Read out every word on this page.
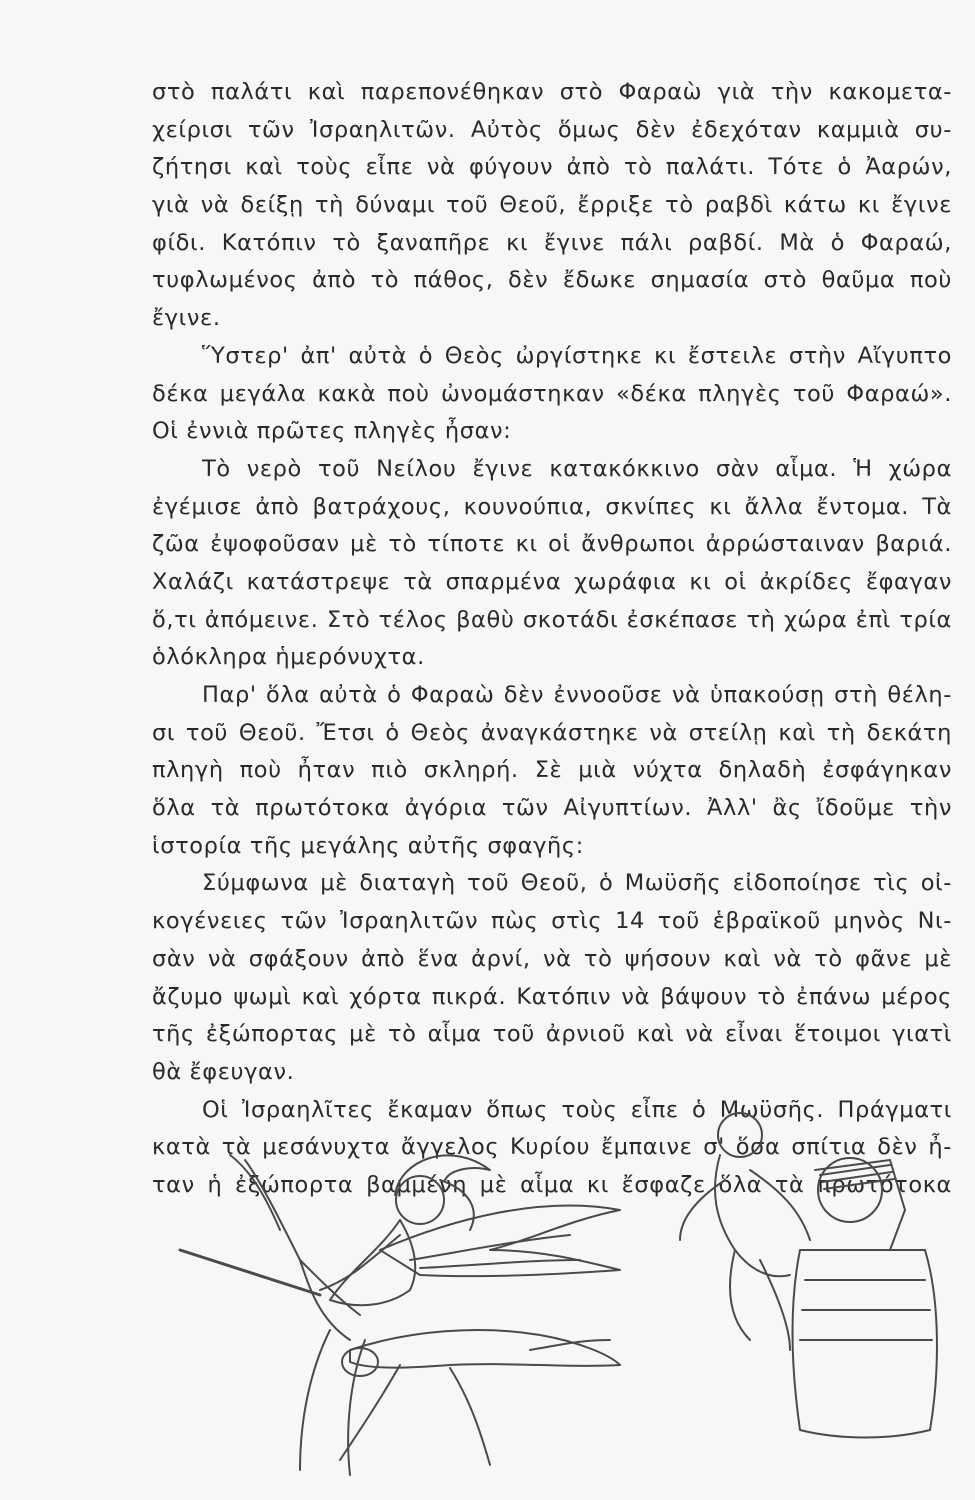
στὸ παλάτι καὶ παρεπονέθηκαν στὸ Φαραὼ γιὰ τὴν κακομετα-
χείρισι τῶν Ἰσραηλιτῶν. Αὐτὸς ὅμως δὲν ἐδεχόταν καμμιὰ συ-
ζήτησι καὶ τοὺς εἶπε νὰ φύγουν ἀπὸ τὸ παλάτι. Τότε ὁ Ἀαρών,
γιὰ νὰ δείξῃ τὴ δύναμι τοῦ Θεοῦ, ἔρριξε τὸ ραβδὶ κάτω κι ἔγινε
φίδι. Κατόπιν τὸ ξαναπῆρε κι ἔγινε πάλι ραβδί. Μὰ ὁ Φαραώ,
τυφλωμένος ἀπὸ τὸ πάθος, δὲν ἔδωκε σημασία στὸ θαῦμα ποὺ
ἔγινε.
Ὕστερ' ἀπ' αὐτὰ ὁ Θεὸς ὠργίστηκε κι ἔστειλε στὴν Αἴγυπτο
δέκα μεγάλα κακὰ ποὺ ὠνομάστηκαν «δέκα πληγὲς τοῦ Φαραώ».
Οἱ ἐννιὰ πρῶτες πληγὲς ἦσαν:
Τὸ νερὸ τοῦ Νείλου ἔγινε κατακόκκινο σὰν αἷμα. Ἡ χώρα
ἐγέμισε ἀπὸ βατράχους, κουνούπια, σκνίπες κι ἄλλα ἔντομα. Τὰ
ζῶα ἐψοφοῦσαν μὲ τὸ τίποτε κι οἱ ἄνθρωποι ἀρρώσταιναν βαριά.
Χαλάζι κατάστρεψε τὰ σπαρμένα χωράφια κι οἱ ἀκρίδες ἔφαγαν
ὅ,τι ἀπόμεινε. Στὸ τέλος βαθὺ σκοτάδι ἐσκέπασε τὴ χώρα ἐπὶ τρία
ὁλόκληρα ἡμερόνυχτα.
Παρ' ὅλα αὐτὰ ὁ Φαραὼ δὲν ἐννοοῦσε νὰ ὑπακούσῃ στὴ θέλη-
σι τοῦ Θεοῦ. Ἔτσι ὁ Θεὸς ἀναγκάστηκε νὰ στείλῃ καὶ τὴ δεκάτη
πληγὴ ποὺ ἦταν πιὸ σκληρή. Σὲ μιὰ νύχτα δηλαδὴ ἐσφάγηκαν
ὅλα τὰ πρωτότοκα ἀγόρια τῶν Αἰγυπτίων. Ἀλλ' ἂς ἴδοῦμε τὴν
ἱστορία τῆς μεγάλης αὐτῆς σφαγῆς:
Σύμφωνα μὲ διαταγὴ τοῦ Θεοῦ, ὁ Μωϋσῆς εἰδοποίησε τὶς οἰ-
κογένειες τῶν Ἰσραηλιτῶν πὼς στὶς 14 τοῦ ἑβραϊκοῦ μηνὸς Νι-
σὰν νὰ σφάξουν ἀπὸ ἕνα ἀρνί, νὰ τὸ ψήσουν καὶ νὰ τὸ φᾶνε μὲ
ἄζυμο ψωμὶ καὶ χόρτα πικρά. Κατόπιν νὰ βάψουν τὸ ἐπάνω μέρος
τῆς ἐξώπορτας μὲ τὸ αἷμα τοῦ ἀρνιοῦ καὶ νὰ εἶναι ἕτοιμοι γιατὶ
θὰ ἔφευγαν.
Οἱ Ἰσραηλῖτες ἔκαμαν ὅπως τοὺς εἶπε ὁ Μωϋσῆς. Πράγματι
κατὰ τὰ μεσάνυχτα ἄγγελος Κυρίου ἔμπαινε σ' ὅσα σπίτια δὲν ἦ-
ταν ἡ ἐξώπορτα βαμμένη μὲ αἷμα κι ἔσφαζε ὅλα τὰ πρωτότοκα
